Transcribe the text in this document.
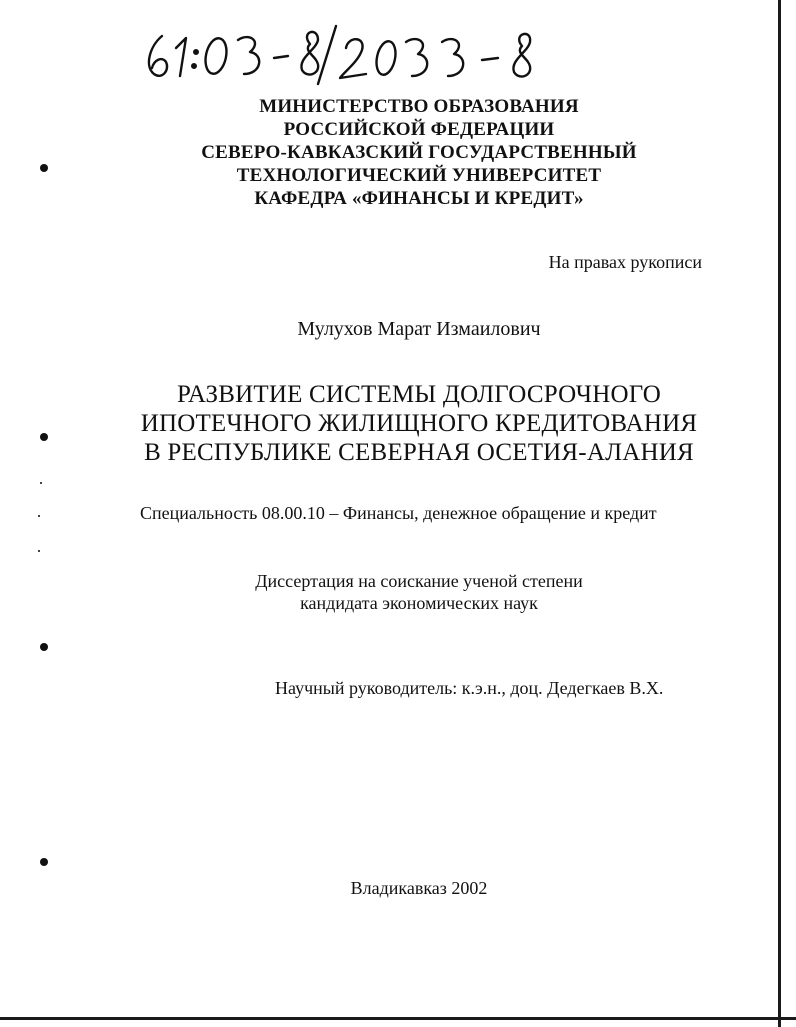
МИНИСТЕРСТВО ОБРАЗОВАНИЯ
РОССИЙСКОЙ ФЕДЕРАЦИИ
СЕВЕРО-КАВКАЗСКИЙ ГОСУДАРСТВЕННЫЙ
ТЕХНОЛОГИЧЕСКИЙ УНИВЕРСИТЕТ
КАФЕДРА «ФИНАНСЫ И КРЕДИТ»
На правах рукописи
Мулухов Марат Измаилович
РАЗВИТИЕ СИСТЕМЫ ДОЛГОСРОЧНОГО
ИПОТЕЧНОГО ЖИЛИЩНОГО КРЕДИТОВАНИЯ
В РЕСПУБЛИКЕ СЕВЕРНАЯ ОСЕТИЯ-АЛАНИЯ
Специальность 08.00.10 – Финансы, денежное обращение и кредит
Диссертация на соискание ученой степени
кандидата экономических наук
Научный руководитель: к.э.н., доц. Дедегкаев В.Х.
Владикавказ 2002
